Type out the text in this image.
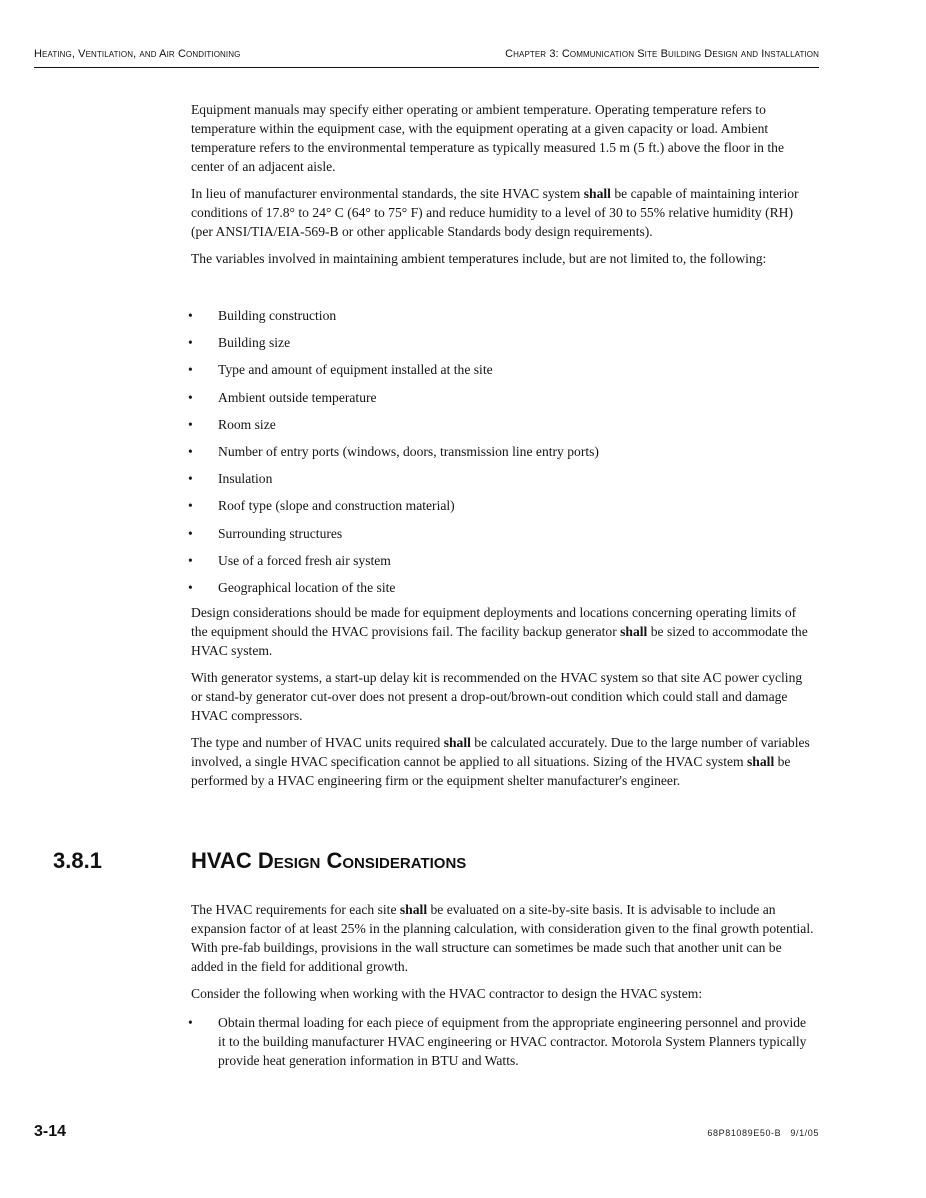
Heating, Ventilation, and Air Conditioning	Chapter 3: Communication Site Building Design and Installation

Equipment manuals may specify either operating or ambient temperature. Operating temperature refers to temperature within the equipment case, with the equipment operating at a given capacity or load. Ambient temperature refers to the environmental temperature as typically measured 1.5 m (5 ft.) above the floor in the center of an adjacent aisle.

In lieu of manufacturer environmental standards, the site HVAC system shall be capable of maintaining interior conditions of 17.8° to 24° C (64° to 75° F) and reduce humidity to a level of 30 to 55% relative humidity (RH) (per ANSI/TIA/EIA-569-B or other applicable Standards body design requirements).

The variables involved in maintaining ambient temperatures include, but are not limited to, the following:

• Building construction
• Building size
• Type and amount of equipment installed at the site
• Ambient outside temperature
• Room size
• Number of entry ports (windows, doors, transmission line entry ports)
• Insulation
• Roof type (slope and construction material)
• Surrounding structures
• Use of a forced fresh air system
• Geographical location of the site

Design considerations should be made for equipment deployments and locations concerning operating limits of the equipment should the HVAC provisions fail. The facility backup generator shall be sized to accommodate the HVAC system.

With generator systems, a start-up delay kit is recommended on the HVAC system so that site AC power cycling or stand-by generator cut-over does not present a drop-out/brown-out condition which could stall and damage HVAC compressors.

The type and number of HVAC units required shall be calculated accurately. Due to the large number of variables involved, a single HVAC specification cannot be applied to all situations. Sizing of the HVAC system shall be performed by a HVAC engineering firm or the equipment shelter manufacturer's engineer.

3.8.1	HVAC Design Considerations

The HVAC requirements for each site shall be evaluated on a site-by-site basis. It is advisable to include an expansion factor of at least 25% in the planning calculation, with consideration given to the final growth potential. With pre-fab buildings, provisions in the wall structure can sometimes be made such that another unit can be added in the field for additional growth.

Consider the following when working with the HVAC contractor to design the HVAC system:

• Obtain thermal loading for each piece of equipment from the appropriate engineering personnel and provide it to the building manufacturer HVAC engineering or HVAC contractor. Motorola System Planners typically provide heat generation information in BTU and Watts.
3-14	68P81089E50-B 9/1/05
